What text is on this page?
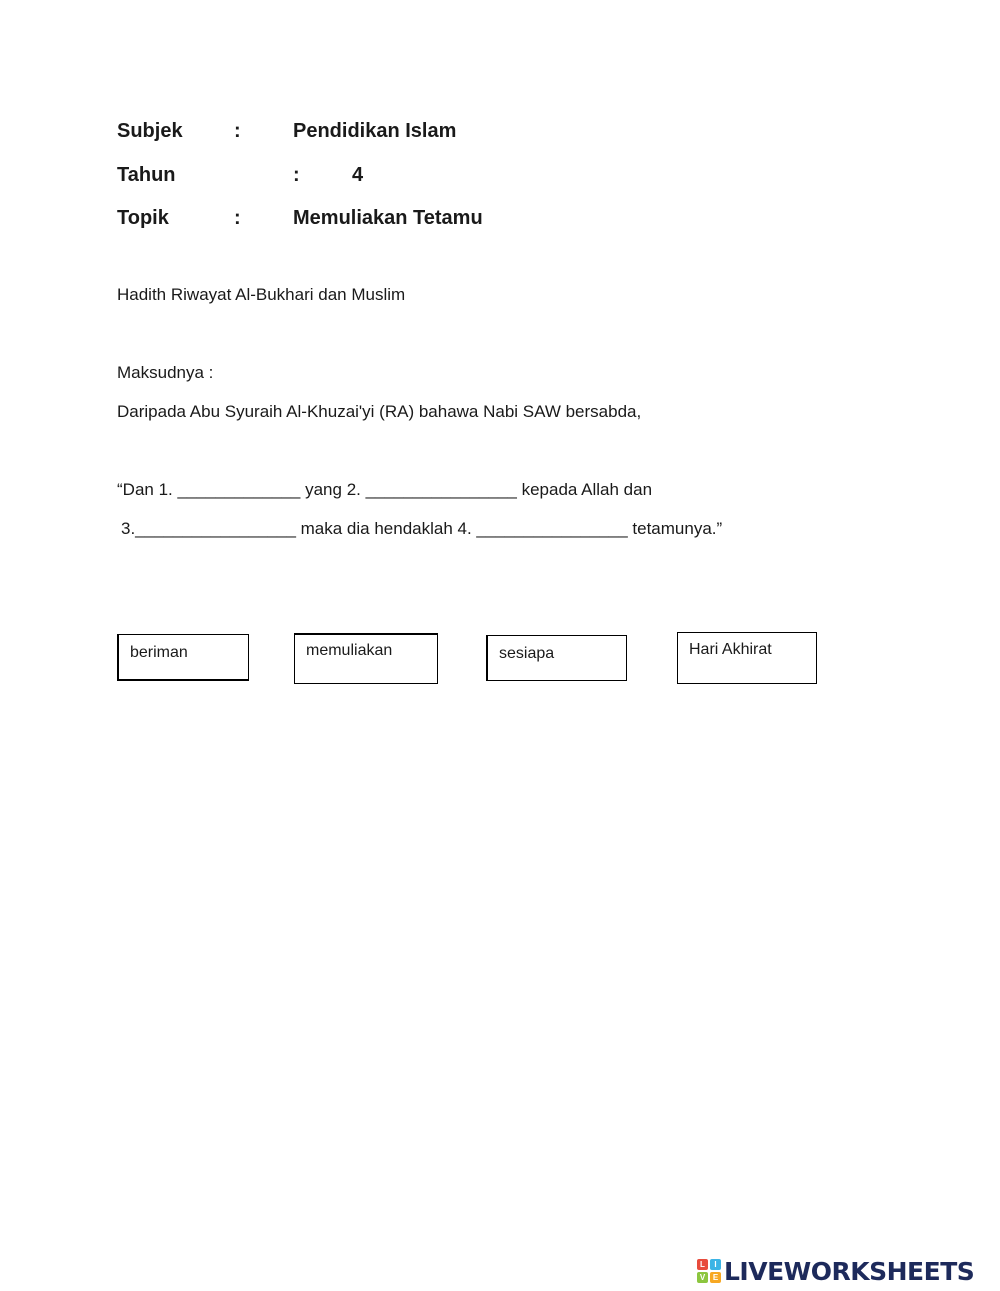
Subjek	:	Pendidikan Islam
Tahun	:	4
Topik	:	Memuliakan Tetamu
Hadith Riwayat Al-Bukhari dan Muslim
Maksudnya :
Daripada Abu Syuraih Al-Khuzai'yi (RA) bahawa Nabi SAW bersabda,
“Dan 1. _____________ yang 2. ________________ kepada Allah dan
3._________________ maka dia hendaklah 4. ________________ tetamunya.”
beriman	memuliakan	sesiapa	Hari Akhirat
L	I
V E LIVEWORKSHEETS
